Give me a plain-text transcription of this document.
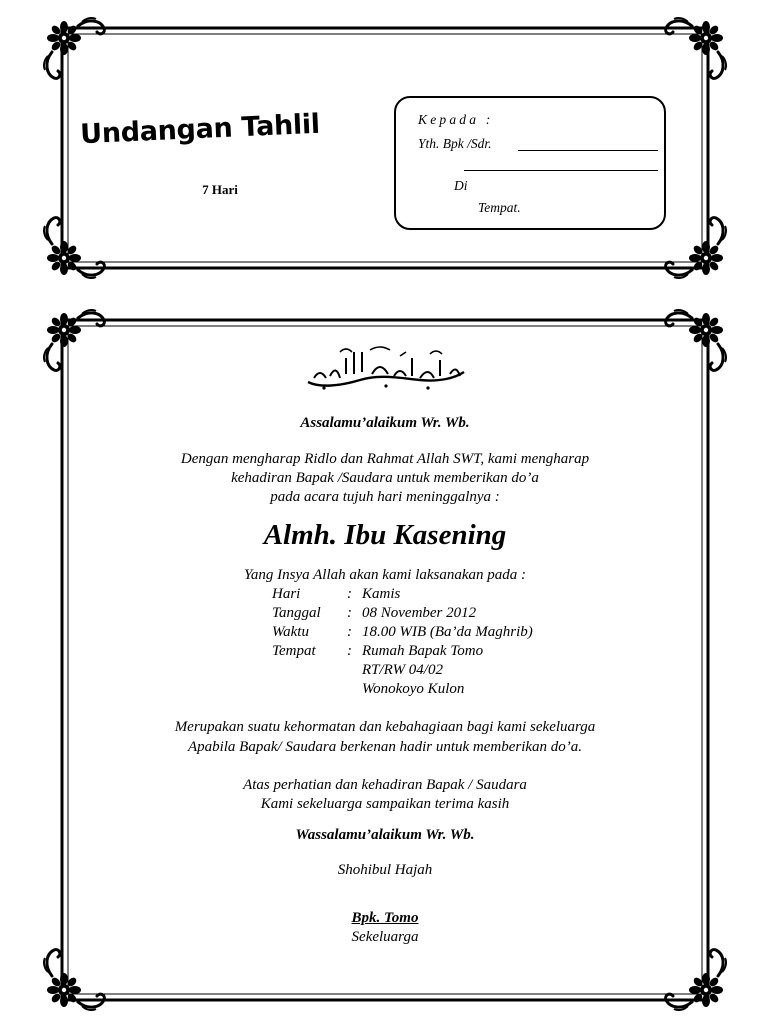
Undangan Tahlil
7 Hari
Kepada :
Yth. Bpk /Sdr.
Di
Tempat.
Assalamu’alaikum Wr. Wb.
Dengan mengharap Ridlo dan Rahmat Allah SWT, kami mengharap
kehadiran Bapak /Saudara untuk memberikan do’a
pada acara tujuh hari meninggalnya :
Almh. Ibu Kasening
Yang Insya Allah akan kami laksanakan pada :
Hari	: Kamis
Tanggal : 08 November 2012
Waktu	: 18.00 WIB (Ba’da Maghrib)
Tempat : Rumah Bapak Tomo
RT/RW 04/02
Wonokoyo Kulon
Merupakan suatu kehormatan dan kebahagiaan bagi kami sekeluarga
Apabila Bapak/ Saudara berkenan hadir untuk memberikan do’a.
Atas perhatian dan kehadiran Bapak / Saudara
Kami sekeluarga sampaikan terima kasih
Wassalamu’alaikum Wr. Wb.
Shohibul Hajah
Bpk. Tomo
Sekeluarga
